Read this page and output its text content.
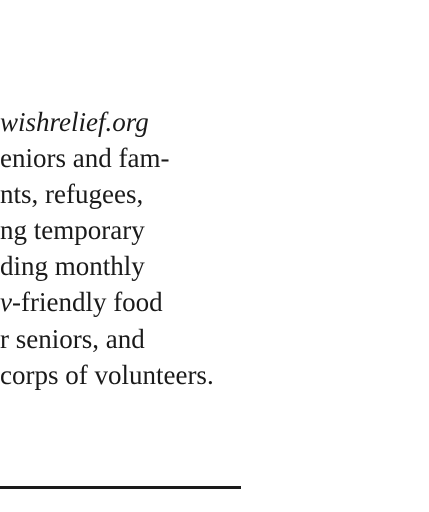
wishrelief.org
eniors and fam-
nts, refugees,
ng temporary
ding monthly
v-friendly food
r seniors, and
corps of volunteers.
